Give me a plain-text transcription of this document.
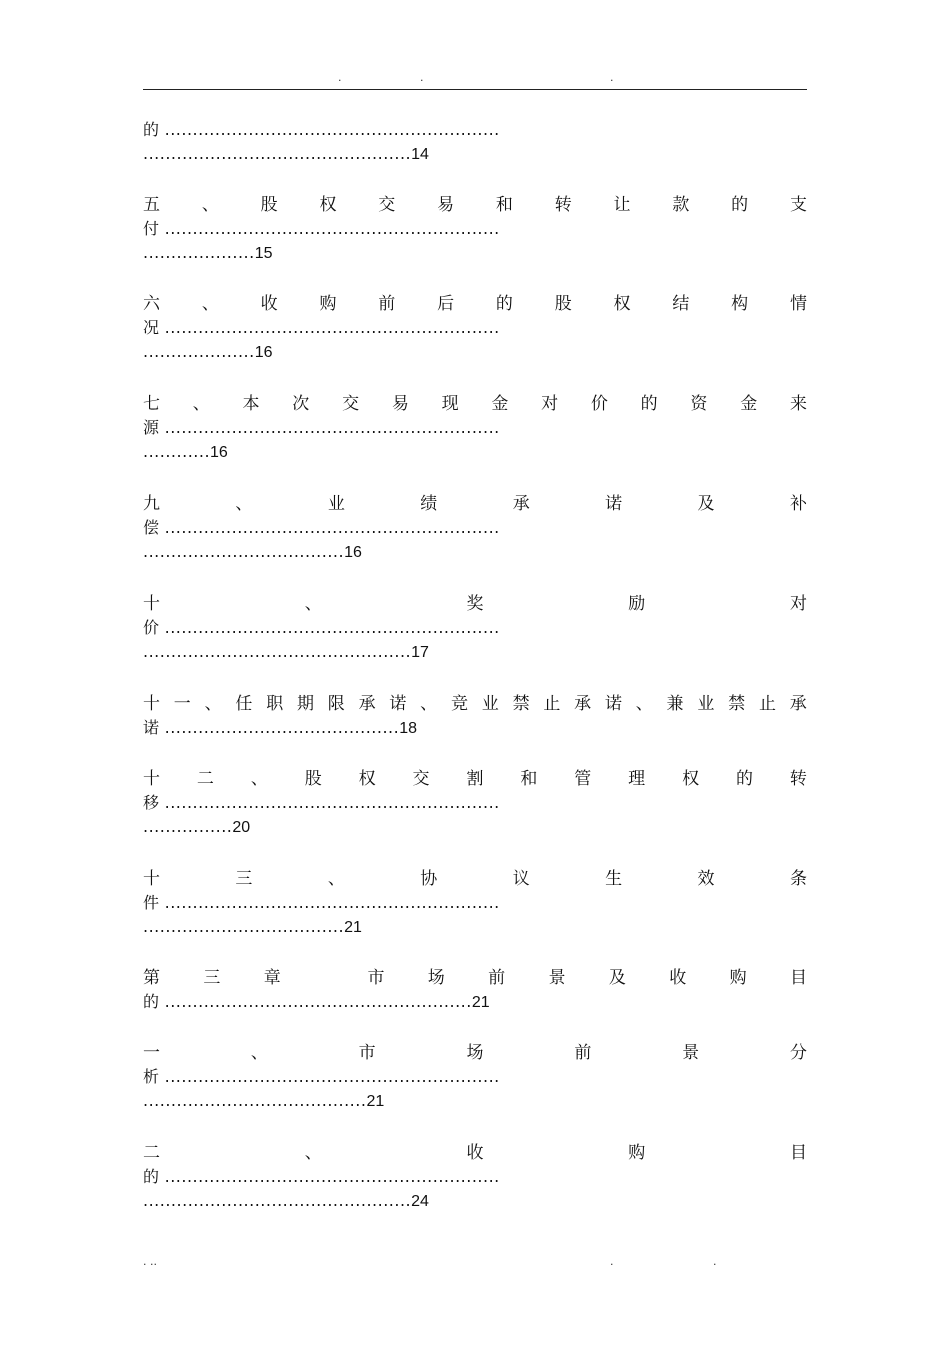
.	.	.
的 ............................................................
................................................14
五 、 股 权 交 易 和 转 让 款 的 支
付 ............................................................
....................15
六 、 收 购 前 后 的 股 权 结 构 情
况 ............................................................
....................16
七 、 本 次 交 易 现 金 对 价 的 资 金 来
源 ............................................................
............16
九	、	业	绩	承	诺	及	补
偿 ............................................................
....................................16
十	、	奖	励	对
价 ............................................................
................................................17
十 一 、 任 职 期 限 承 诺 、 竞 业 禁 止 承 诺 、 兼 业 禁 止 承
诺 ..........................................18
十 二 、 股 权 交 割 和 管 理 权 的 转
移 ............................................................
................20
十	三	、	协	议	生	效	条
件 ............................................................
....................................21
第	三	章	市	场	前	景	及	收	购	目
的 .......................................................21
一	、	市	场	前	景	分
析 ............................................................
........................................21
二	、	收	购	目
的 ............................................................
................................................24
. ..	.	.
